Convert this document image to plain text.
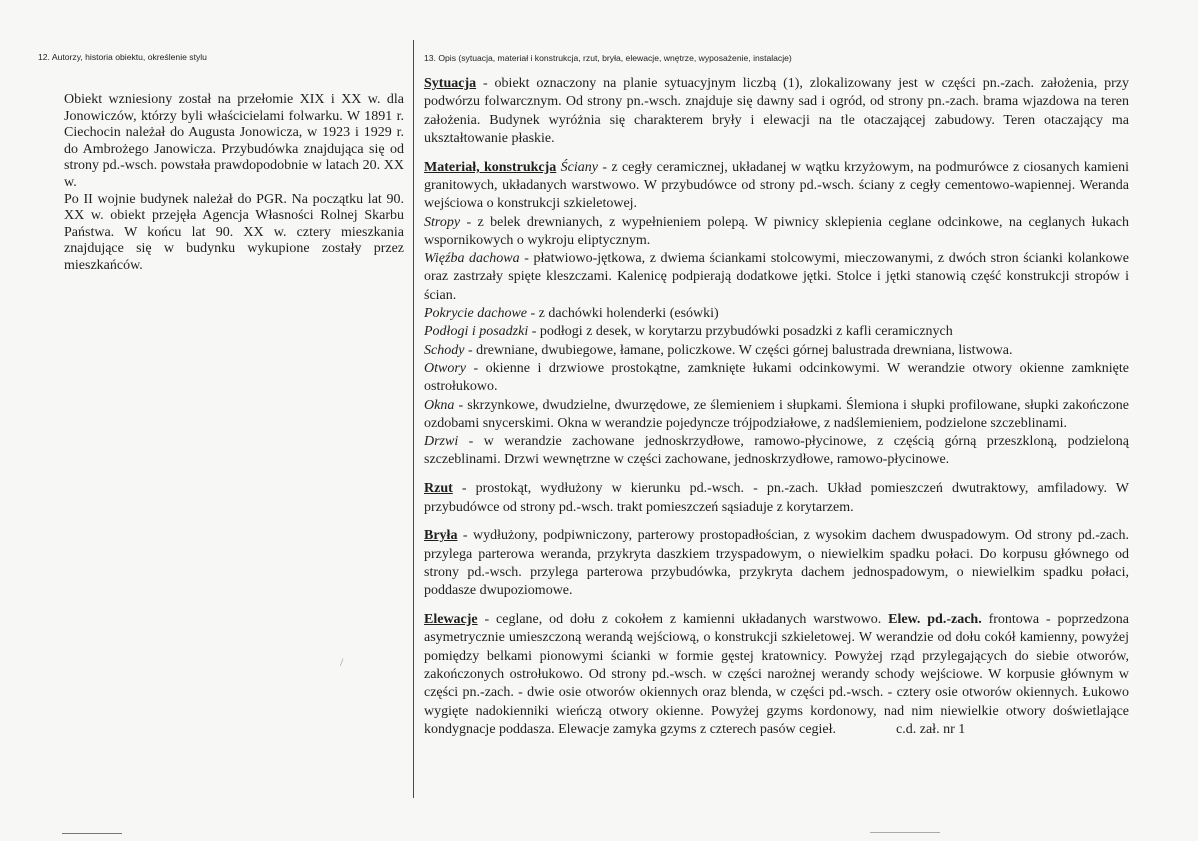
12. Autorzy, historia obiektu, określenie stylu	13. Opis (sytuacja, materiał i konstrukcja, rzut, bryła, elewacje, wnętrze, wyposażenie, instalacje)

Obiekt wzniesiony został na przełomie XIX i XX w. dla Jonowiczów, którzy byli właścicielami folwarku. W 1891 r. Ciechocin należał do Augusta Jonowicza, w 1923 i 1929 r. do Ambrożego Janowicza. Przybudówka znajdująca się od strony pd.-wsch. powstała prawdopodobnie w latach 20. XX w.

Po II wojnie budynek należał do PGR. Na początku lat 90. XX w. obiekt przejęła Agencja Własności Rolnej Skarbu Państwa. W końcu lat 90. XX w. cztery mieszkania znajdujące się w budynku wykupione zostały przez mieszkańców.

Sytuacja - obiekt oznaczony na planie sytuacyjnym liczbą (1), zlokalizowany jest w części pn.-zach. założenia, przy podwórzu folwarcznym. Od strony pn.-wsch. znajduje się dawny sad i ogród, od strony pn.-zach. brama wjazdowa na teren założenia. Budynek wyróżnia się charakterem bryły i elewacji na tle otaczającej zabudowy. Teren otaczający ma ukształtowanie płaskie.
Materiał, konstrukcja Ściany - z cegły ceramicznej, układanej w wątku krzyżowym, na podmurówce z ciosanych kamieni granitowych, układanych warstwowo. W przybudówce od strony pd.-wsch. ściany z cegły cementowo-wapiennej. Weranda wejściowa o konstrukcji szkieletowej.
Stropy - z belek drewnianych, z wypełnieniem polepą. W piwnicy sklepienia ceglane odcinkowe, na ceglanych łukach wspornikowych o wykroju eliptycznym.
Więźba dachowa - płatwiowo-jętkowa, z dwiema ściankami stolcowymi, mieczowanymi, z dwóch stron ścianki kolankowe oraz zastrzały spięte kleszczami. Kalenicę podpierają dodatkowe jętki. Stolce i jętki stanowią część konstrukcji stropów i ścian.
Pokrycie dachowe - z dachówki holenderki (esówki)
Podłogi i posadzki - podłogi z desek, w korytarzu przybudówki posadzki z kafli ceramicznych
Schody - drewniane, dwubiegowe, łamane, policzkowe. W części górnej balustrada drewniana, listwowa.
Otwory - okienne i drzwiowe prostokątne, zamknięte łukami odcinkowymi. W werandzie otwory okienne zamknięte ostrołukowo.
Okna - skrzynkowe, dwudzielne, dwurzędowe, ze ślemieniem i słupkami. Ślemiona i słupki profilowane, słupki zakończone ozdobami snycerskimi. Okna w werandzie pojedyncze trójpodziałowe, z nadślemieniem, podzielone szczeblinami.
Drzwi - w werandzie zachowane jednoskrzydłowe, ramowo-płycinowe, z częścią górną przeszkloną, podzieloną szczeblinami. Drzwi wewnętrzne w części zachowane, jednoskrzydłowe, ramowo-płycinowe.
Rzut - prostokąt, wydłużony w kierunku pd.-wsch. - pn.-zach. Układ pomieszczeń dwutraktowy, amfiladowy. W przybudówce od strony pd.-wsch. trakt pomieszczeń sąsiaduje z korytarzem.
Bryła - wydłużony, podpiwniczony, parterowy prostopadłościan, z wysokim dachem dwuspadowym. Od strony pd.-zach. przylega parterowa weranda, przykryta daszkiem trzyspadowym, o niewielkim spadku połaci. Do korpusu głównego od strony pd.-wsch. przylega parterowa przybudówka, przykryta dachem jednospadowym, o niewielkim spadku połaci, poddasze dwupoziomowe.
Elewacje - ceglane, od dołu z cokołem z kamienni układanych warstwowo. Elew. pd.-zach. frontowa - poprzedzona asymetrycznie umieszczoną werandą wejściową, o konstrukcji szkieletowej. W werandzie od dołu cokół kamienny, powyżej pomiędzy belkami pionowymi ścianki w formie gęstej kratownicy. Powyżej rząd przylegających do siebie otworów, zakończonych ostrołukowo. Od strony pd.-wsch. w części narożnej werandy schody wejściowe. W korpusie głównym w części pn.-zach. - dwie osie otworów okiennych oraz blenda, w części pd.-wsch. - cztery osie otworów okiennych. Łukowo wygięte nadokienniki wieńczą otwory okienne. Powyżej gzyms kordonowy, nad nim niewielkie otwory doświetlające kondygnacje poddasza. Elewacje zamyka gzyms z czterech pasów cegieł.	c.d. zał. nr 1
/
